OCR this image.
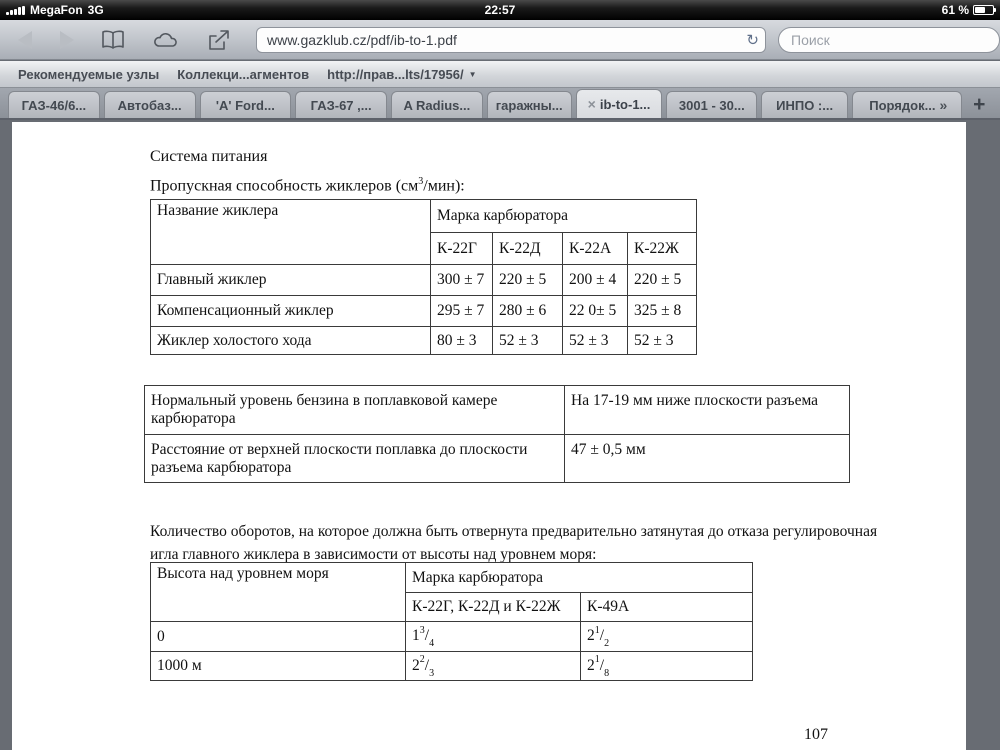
MegaFon 3G	22:57	61 %
www.gazklub.cz/pdf/ib-to-1.pdf
↻
Поиск
Рекомендуемые узлы Коллекци...агментов http://прав...lts/17956/ ▼
ГАЗ-46/6... Автобаз...	'A' Ford...	ГАЗ-67 ,... A Radius... гаражны... × ib-to-1... 3001 - 30... ИНПО :...	Порядок... »	+
Система питания
Пропускная способность жиклеров $(см^3/мин)$:
Название жиклера	Марка карбюратора			
	К-22Г	К-22Д	К-22А	К-22Ж
Главный жиклер	300 ± 7	220 ± 5	200 ± 4	220 ± 5
Компенсационный жиклер	295 ± 7	280 ± 6	22 0± 5	325 ± 8
Жиклер холостого хода	80 ± 3	52 ± 3	52 ± 3	52 ± 3
Нормальный уровень бензина в поплавковой камере карбюратора	На 17-19 мм ниже плоскости разъема
Расстояние от верхней плоскости поплавка до плоскости разъема карбюратора	47 ± 0,5 мм
Количество оборотов, на которое должна быть отвернута предварительно затянутая до отказа регулировочная игла главного жиклера в зависимости от высоты над уровнем моря:
Высота над уровнем моря	Марка карбюратора	
	К-22Г, К-22Д и К-22Ж	К-49А
0	$1^3/_4$	$2^1/_2$
1000 м	$2^2/_3$	$2^1/_8$
107
